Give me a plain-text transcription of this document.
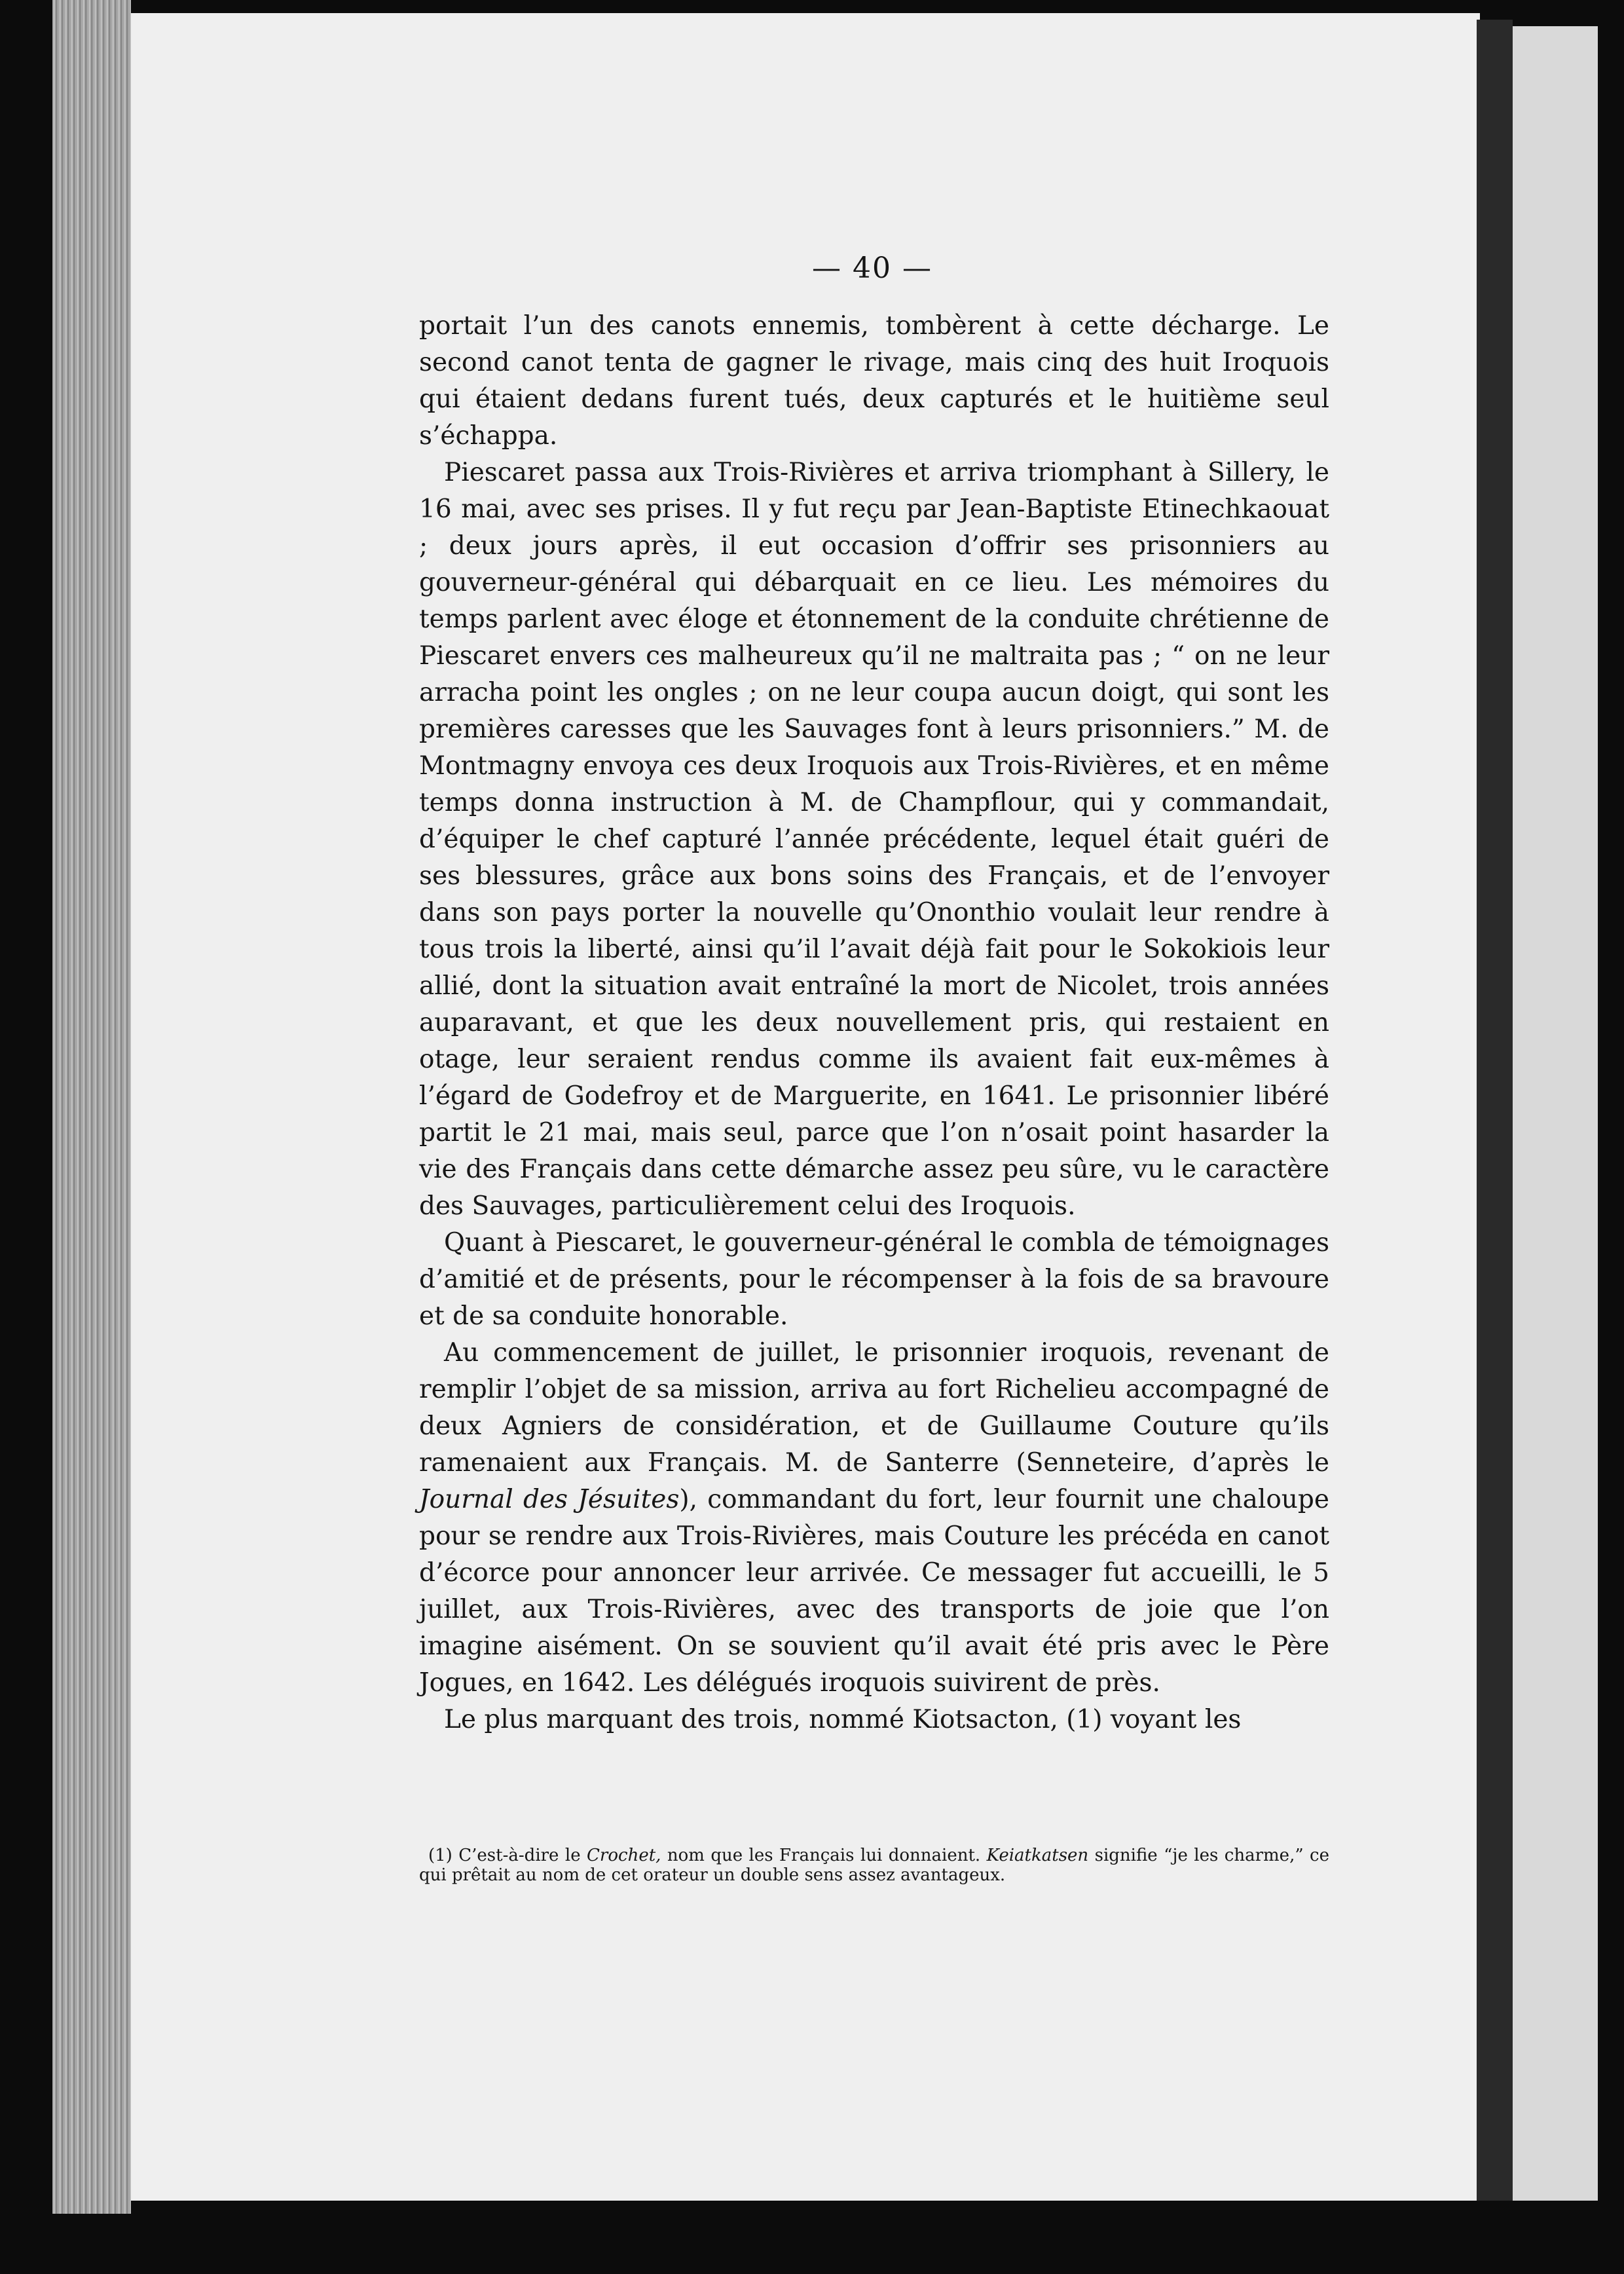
— 40 —

portait l’un des canots ennemis, tombèrent à cette décharge. Le second canot tenta de gagner le rivage, mais cinq des huit Iroquois qui étaient dedans furent tués, deux capturés et le huitième seul s’échappa.

Piescaret passa aux Trois-Rivières et arriva triomphant à Sillery, le 16 mai, avec ses prises. Il y fut reçu par Jean-Baptiste Etinechkaouat ; deux jours après, il eut occasion d’offrir ses prisonniers au gouverneur-général qui débarquait en ce lieu. Les mémoires du temps parlent avec éloge et étonnement de la conduite chrétienne de Piescaret envers ces malheureux qu’il ne maltraita pas ; “ on ne leur arracha point les ongles ; on ne leur coupa aucun doigt, qui sont les premières caresses que les Sauvages font à leurs prisonniers.” M. de Montmagny envoya ces deux Iroquois aux Trois-Rivières, et en même temps donna instruction à M. de Champflour, qui y commandait, d’équiper le chef capturé l’année précédente, lequel était guéri de ses blessures, grâce aux bons soins des Français, et de l’envoyer dans son pays porter la nouvelle qu’Ononthio voulait leur rendre à tous trois la liberté, ainsi qu’il l’avait déjà fait pour le Sokokiois leur allié, dont la situation avait entraîné la mort de Nicolet, trois années auparavant, et que les deux nouvellement pris, qui restaient en otage, leur seraient rendus comme ils avaient fait eux-mêmes à l’égard de Godefroy et de Marguerite, en 1641. Le prisonnier libéré partit le 21 mai, mais seul, parce que l’on n’osait point hasarder la vie des Français dans cette démarche assez peu sûre, vu le caractère des Sauvages, particulièrement celui des Iroquois.

Quant à Piescaret, le gouverneur-général le combla de témoignages d’amitié et de présents, pour le récompenser à la fois de sa bravoure et de sa conduite honorable.

Au commencement de juillet, le prisonnier iroquois, revenant de remplir l’objet de sa mission, arriva au fort Richelieu accompagné de deux Agniers de considération, et de Guillaume Couture qu’ils ramenaient aux Français. M. de Santerre (Senneteire, d’après le Journal des Jésuites), commandant du fort, leur fournit une chaloupe pour se rendre aux Trois-Rivières, mais Couture les précéda en canot d’écorce pour annoncer leur arrivée. Ce messager fut accueilli, le 5 juillet, aux Trois-Rivières, avec des transports de joie que l’on imagine aisément. On se souvient qu’il avait été pris avec le Père Jogues, en 1642. Les délégués iroquois suivirent de près.

Le plus marquant des trois, nommé Kiotsacton, (1) voyant les

(1) C’est-à-dire le Crochet, nom que les Français lui donnaient. Keiatkatsen signifie “je les charme,” ce qui prêtait au nom de cet orateur un double sens assez avantageux.
